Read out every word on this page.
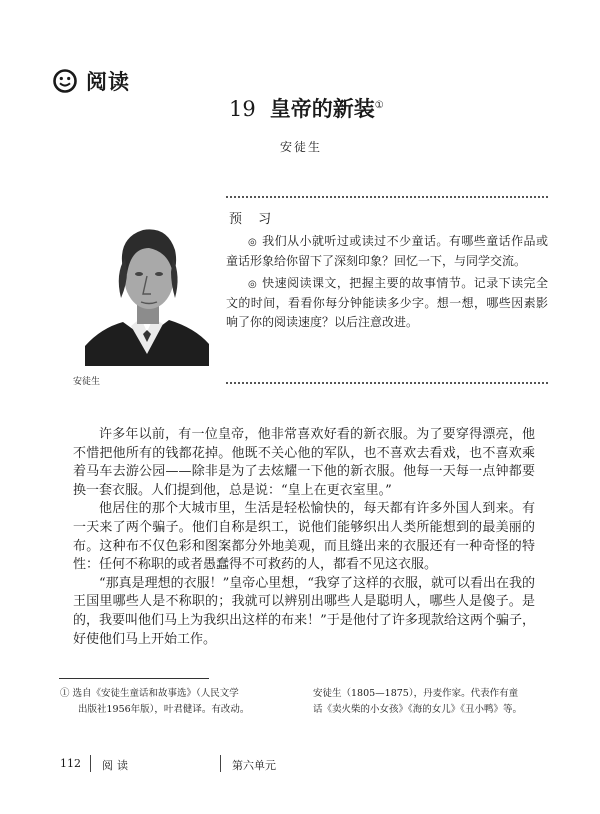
阅读
19 皇帝的新装①
安徒生
安徒生
预 习

◎ 我们从小就听过或读过不少童话。有哪些童话作品或童话形象给你留下了深刻印象？回忆一下，与同学交流。

◎ 快速阅读课文，把握主要的故事情节。记录下读完全文的时间，看看你每分钟能读多少字。想一想，哪些因素影响了你的阅读速度？以后注意改进。

许多年以前，有一位皇帝，他非常喜欢好看的新衣服。为了要穿得漂亮，他不惜把他所有的钱都花掉。他既不关心他的军队，也不喜欢去看戏，也不喜欢乘着马车去游公园——除非是为了去炫耀一下他的新衣服。他每一天每一点钟都要换一套衣服。人们提到他，总是说：“皇上在更衣室里。”

他居住的那个大城市里，生活是轻松愉快的，每天都有许多外国人到来。有一天来了两个骗子。他们自称是织工，说他们能够织出人类所能想到的最美丽的布。这种布不仅色彩和图案都分外地美观，而且缝出来的衣服还有一种奇怪的特性：任何不称职的或者愚蠢得不可救药的人，都看不见这衣服。

“那真是理想的衣服！”皇帝心里想，“我穿了这样的衣服，就可以看出在我的王国里哪些人是不称职的；我就可以辨别出哪些人是聪明人，哪些人是傻子。是的，我要叫他们马上为我织出这样的布来！”于是他付了许多现款给这两个骗子，好使他们马上开始工作。

① 选自《安徒生童话和故事选》（人民文学
出版社1956年版），叶君健译。有改动。
安徒生（1805—1875），丹麦作家。代表作有童
话《卖火柴的小女孩》《海的女儿》《丑小鸭》等。
112 阅读	第六单元
